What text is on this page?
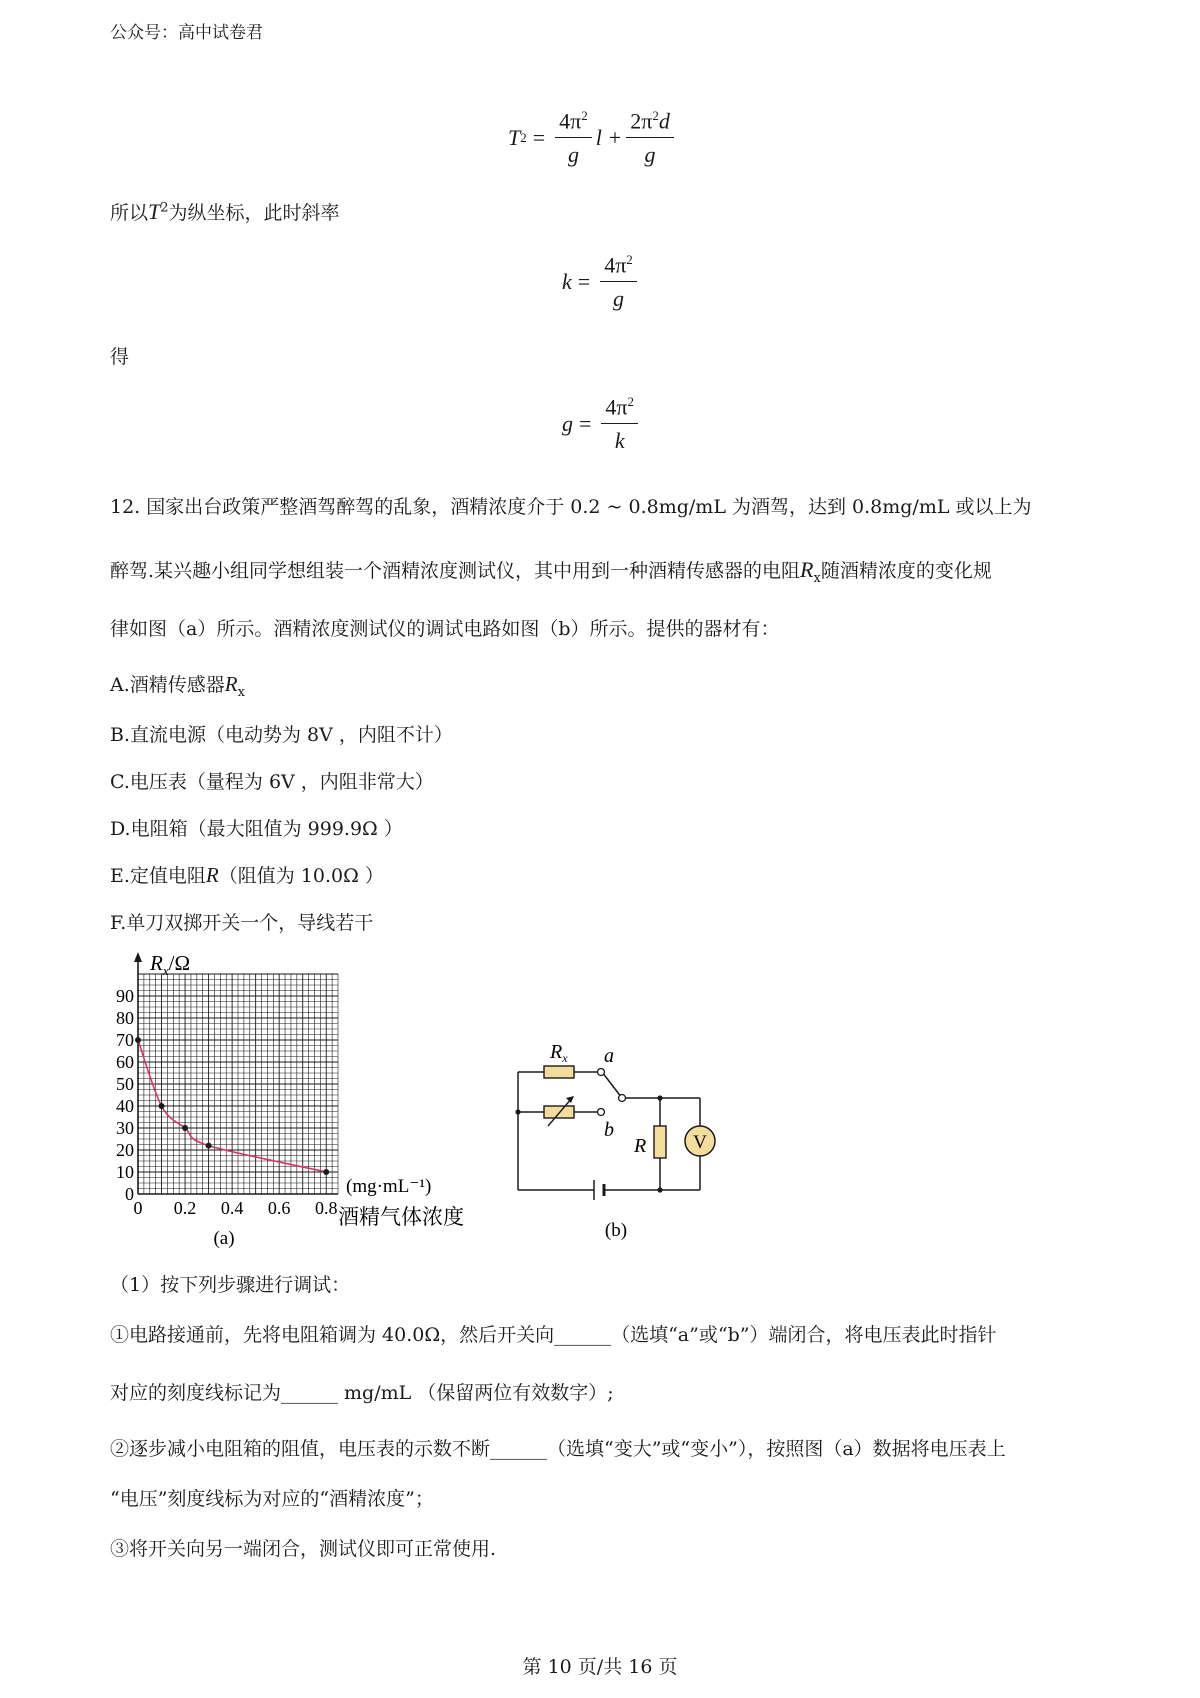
公众号：高中试卷君
T $2 = \frac{4\pi^2}{g}$ $l + \frac{2\pi^2d}{g}$
所以$T^2$为纵坐标，此时斜率
$k = \frac{4\pi^2}{g}$
得
$g = \frac{4\pi^2}{k}$
12. 国家出台政策严整酒驾醉驾的乱象，酒精浓度介于 0.2 ~ 0.8mg/mL 为酒驾，达到 0.8mg/mL 或以上为
醉驾.某兴趣小组同学想组装一个酒精浓度测试仪，其中用到一种酒精传感器的电阻$R_x$随酒精浓度的变化规
律如图（a）所示。酒精浓度测试仪的调试电路如图（b）所示。提供的器材有：
A.酒精传感器$R_x$
B.直流电源（电动势为 8V ，内阻不计）
C.电压表（量程为 6V ，内阻非常大）
D.电阻箱（最大阻值为 999.9Ω ）
E.定值电阻R（阻值为 10.0Ω ）
F.单刀双掷开关一个，导线若干
$R_x/\Omega$
0
10
20
30
40
50
60
70
80
90
0 0.2 0.4 0.6 0.8
(mg·mL⁻¹)
酒精气体浓度
(a)
V
$R_x$ a
b
R
(b)
（1）按下列步骤进行调试：
①电路接通前，先将电阻箱调为 40.0Ω，然后开关向______（选填“a”或“b”）端闭合，将电压表此时指针
对应的刻度线标记为______ mg/mL （保留两位有效数字）;
②逐步减小电阻箱的阻值，电压表的示数不断______（选填“变大”或“变小”），按照图（a）数据将电压表上
“电压”刻度线标为对应的“酒精浓度”；
③将开关向另一端闭合，测试仪即可正常使用.
第 10 页/共 16 页
